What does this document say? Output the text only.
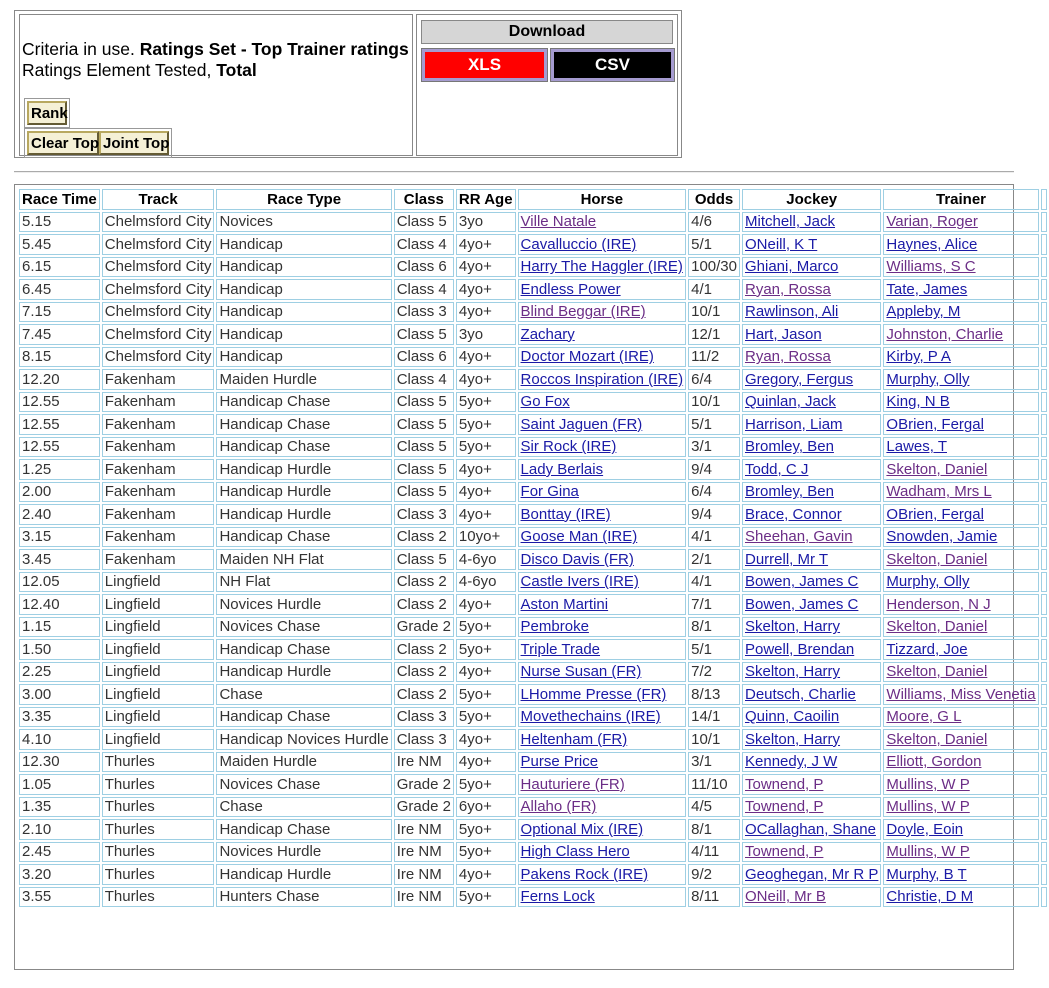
Criteria in use. Ratings Set - Top Trainer ratings
Ratings Element Tested, Total
Rank
Clear Top Joint Top
Download
XLS	CSV
Race Time	Track	Race Type	Class	RR Age	Horse	Odds	Jockey	Trainer	
5.15	Chelmsford City	Novices	Class 5	3yo	Ville Natale	4/6	Mitchell, Jack	Varian, Roger	
5.45	Chelmsford City	Handicap	Class 4	4yo+	Cavalluccio (IRE)	5/1	ONeill, K T	Haynes, Alice	
6.15	Chelmsford City	Handicap	Class 6	4yo+	Harry The Haggler (IRE)	100/30	Ghiani, Marco	Williams, S C	
6.45	Chelmsford City	Handicap	Class 4	4yo+	Endless Power	4/1	Ryan, Rossa	Tate, James	
7.15	Chelmsford City	Handicap	Class 3	4yo+	Blind Beggar (IRE)	10/1	Rawlinson, Ali	Appleby, M	
7.45	Chelmsford City	Handicap	Class 5	3yo	Zachary	12/1	Hart, Jason	Johnston, Charlie	
8.15	Chelmsford City	Handicap	Class 6	4yo+	Doctor Mozart (IRE)	11/2	Ryan, Rossa	Kirby, P A	
12.20	Fakenham	Maiden Hurdle	Class 4	4yo+	Roccos Inspiration (IRE)	6/4	Gregory, Fergus	Murphy, Olly	
12.55	Fakenham	Handicap Chase	Class 5	5yo+	Go Fox	10/1	Quinlan, Jack	King, N B	
12.55	Fakenham	Handicap Chase	Class 5	5yo+	Saint Jaguen (FR)	5/1	Harrison, Liam	OBrien, Fergal	
12.55	Fakenham	Handicap Chase	Class 5	5yo+	Sir Rock (IRE)	3/1	Bromley, Ben	Lawes, T	
1.25	Fakenham	Handicap Hurdle	Class 5	4yo+	Lady Berlais	9/4	Todd, C J	Skelton, Daniel	
2.00	Fakenham	Handicap Hurdle	Class 5	4yo+	For Gina	6/4	Bromley, Ben	Wadham, Mrs L	
2.40	Fakenham	Handicap Hurdle	Class 3	4yo+	Bonttay (IRE)	9/4	Brace, Connor	OBrien, Fergal	
3.15	Fakenham	Handicap Chase	Class 2	10yo+	Goose Man (IRE)	4/1	Sheehan, Gavin	Snowden, Jamie	
3.45	Fakenham	Maiden NH Flat	Class 5	4-6yo	Disco Davis (FR)	2/1	Durrell, Mr T	Skelton, Daniel	
12.05	Lingfield	NH Flat	Class 2	4-6yo	Castle Ivers (IRE)	4/1	Bowen, James C	Murphy, Olly	
12.40	Lingfield	Novices Hurdle	Class 2	4yo+	Aston Martini	7/1	Bowen, James C	Henderson, N J	
1.15	Lingfield	Novices Chase	Grade 2	5yo+	Pembroke	8/1	Skelton, Harry	Skelton, Daniel	
1.50	Lingfield	Handicap Chase	Class 2	5yo+	Triple Trade	5/1	Powell, Brendan	Tizzard, Joe	
2.25	Lingfield	Handicap Hurdle	Class 2	4yo+	Nurse Susan (FR)	7/2	Skelton, Harry	Skelton, Daniel	
3.00	Lingfield	Chase	Class 2	5yo+	LHomme Presse (FR)	8/13	Deutsch, Charlie	Williams, Miss Venetia	
3.35	Lingfield	Handicap Chase	Class 3	5yo+	Movethechains (IRE)	14/1	Quinn, Caoilin	Moore, G L	
4.10	Lingfield	Handicap Novices Hurdle	Class 3	4yo+	Heltenham (FR)	10/1	Skelton, Harry	Skelton, Daniel	
12.30	Thurles	Maiden Hurdle	Ire NM	4yo+	Purse Price	3/1	Kennedy, J W	Elliott, Gordon	
1.05	Thurles	Novices Chase	Grade 2	5yo+	Hauturiere (FR)	11/10	Townend, P	Mullins, W P	
1.35	Thurles	Chase	Grade 2	6yo+	Allaho (FR)	4/5	Townend, P	Mullins, W P	
2.10	Thurles	Handicap Chase	Ire NM	5yo+	Optional Mix (IRE)	8/1	OCallaghan, Shane	Doyle, Eoin	
2.45	Thurles	Novices Hurdle	Ire NM	5yo+	High Class Hero	4/11	Townend, P	Mullins, W P	
3.20	Thurles	Handicap Hurdle	Ire NM	4yo+	Pakens Rock (IRE)	9/2	Geoghegan, Mr R P	Murphy, B T	
3.55	Thurles	Hunters Chase	Ire NM	5yo+	Ferns Lock	8/11	ONeill, Mr B	Christie, D M	
